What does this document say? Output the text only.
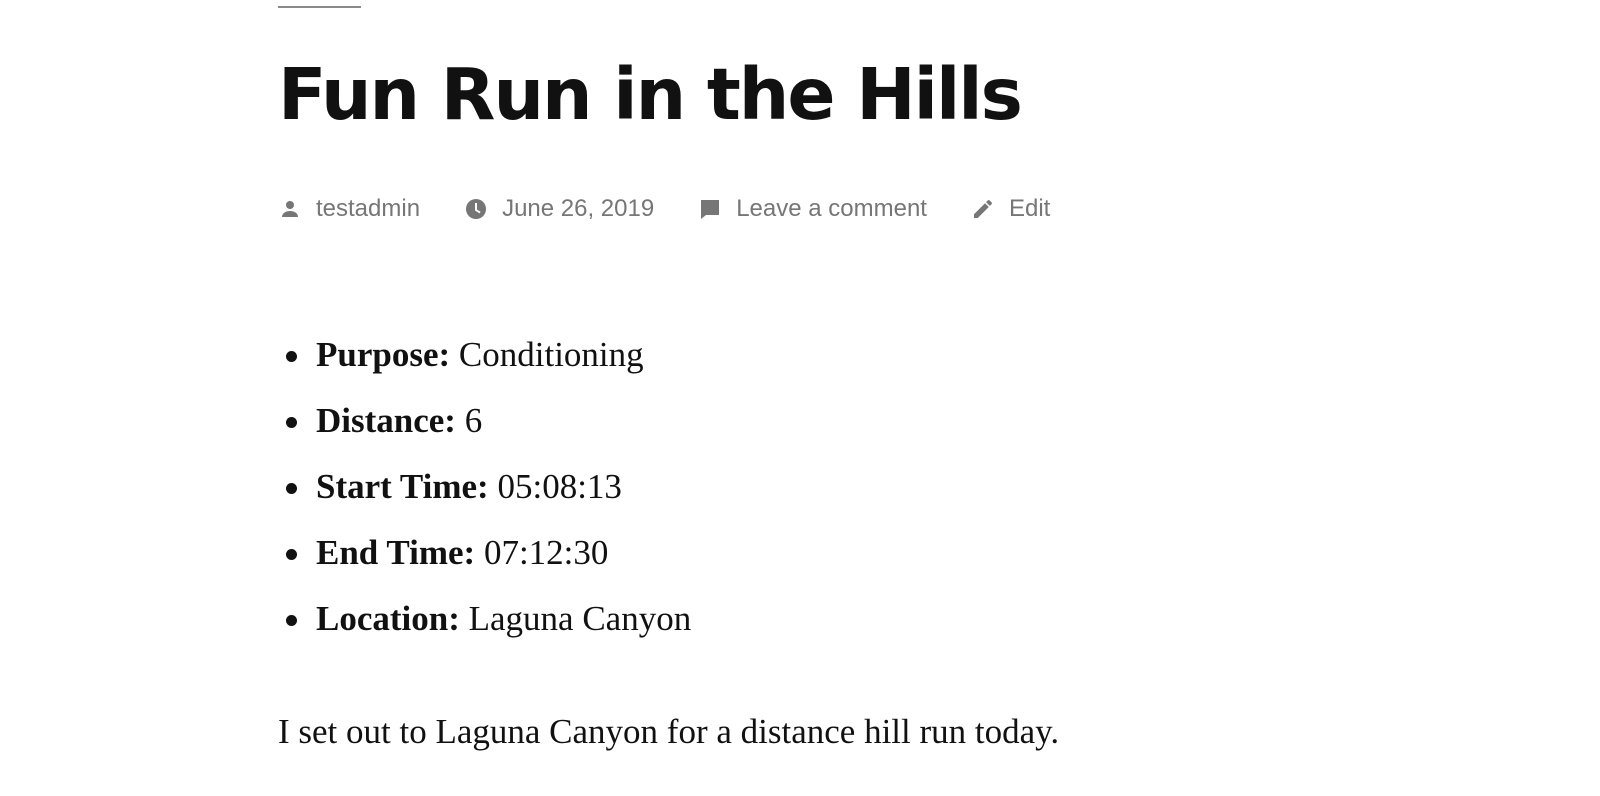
Fun Run in the Hills
testadmin	June 26, 2019	Leave a comment	Edit
Purpose: Conditioning
Distance: 6
Start Time: 05:08:13
End Time: 07:12:30
Location: Laguna Canyon

I set out to Laguna Canyon for a distance hill run today.
